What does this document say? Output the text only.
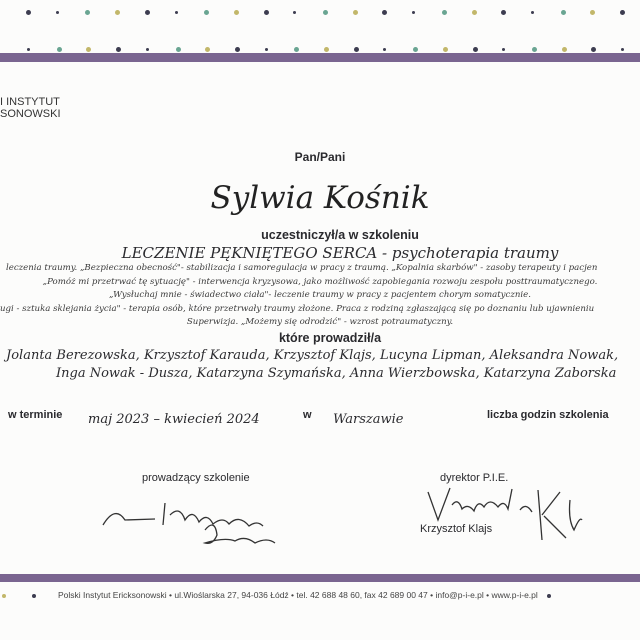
I INSTYTUT
SONOWSKI
Pan/Pani
Sylwia Kośnik
uczestniczył/a w szkoleniu
LECZENIE PĘKNIĘTEGO SERCA - psychoterapia traumy
leczenia traumy. „Bezpieczna obecność"- stabilizacja i samoregulacja w pracy z traumą. „Kopalnia skarbów" - zasoby terapeuty i pacjen
„Pomóż mi przetrwać tę sytuację" - interwencja kryzysowa, jako możliwość zapobiegania rozwoju zespołu posttraumatycznego.
„Wysłuchaj mnie - świadectwo ciała"- leczenie traumy w pracy z pacjentem chorym somatycznie.
ugi - sztuka sklejania życia" - terapia osób, które przetrwały traumy złożone. Praca z rodziną zgłaszającą się po doznaniu lub ujawnieniu
Superwizja. „Możemy się odrodzić" - wzrost potraumatyczny.
które prowadził/a
Jolanta Berezowska, Krzysztof Karauda, Krzysztof Klajs, Lucyna Lipman, Aleksandra Nowak,
Inga Nowak - Dusza, Katarzyna Szymańska, Anna Wierzbowska, Katarzyna Zaborska
w terminie maj 2023 – kwiecień 2024	w Warszawie	liczba godzin szkolenia
prowadzący szkolenie	dyrektor P.I.E.
Krzysztof Klajs
Polski Instytut Ericksonowski • ul.Wioślarska 27, 94-036 Łódź • tel. 42 688 48 60, fax 42 689 00 47 • info@p-i-e.pl • www.p-i-e.pl
